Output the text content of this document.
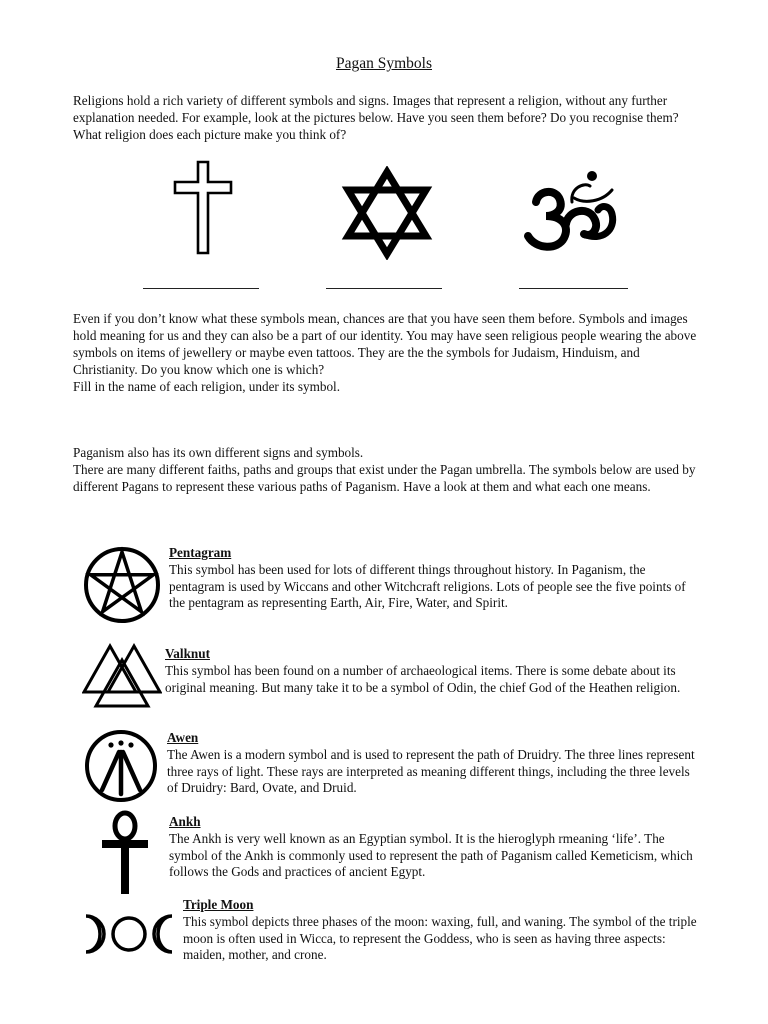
Pagan Symbols

Religions hold a rich variety of different symbols and signs. Images that represent a religion, without any further explanation needed. For example, look at the pictures below. Have you seen them before? Do you recognise them? What religion does each picture make you think of?

Even if you don’t know what these symbols mean, chances are that you have seen them before. Symbols and images hold meaning for us and they can also be a part of our identity. You may have seen religious people wearing the above symbols on items of jewellery or maybe even tattoos. They are the the symbols for Judaism, Hinduism, and Christianity. Do you know which one is which?

Fill in the name of each religion, under its symbol.

Paganism also has its own different signs and symbols.

There are many different faiths, paths and groups that exist under the Pagan umbrella. The symbols below are used by different Pagans to represent these various paths of Paganism. Have a look at them and what each one means.

Pentagram
This symbol has been used for lots of different things throughout history. In Paganism, the pentagram is used by Wiccans and other Witchcraft religions. Lots of people see the five points of the pentagram as representing Earth, Air, Fire, Water, and Spirit.
Valknut
This symbol has been found on a number of archaeological items. There is some debate about its original meaning. But many take it to be a symbol of Odin, the chief God of the Heathen religion.
Awen
The Awen is a modern symbol and is used to represent the path of Druidry. The three lines represent three rays of light. These rays are interpreted as meaning different things, including the three levels of Druidry: Bard, Ovate, and Druid.
Ankh
The Ankh is very well known as an Egyptian symbol. It is the hieroglyph rmeaning ‘life’. The symbol of the Ankh is commonly used to represent the path of Paganism called Kemeticism, which follows the Gods and practices of ancient Egypt.
Triple Moon
This symbol depicts three phases of the moon: waxing, full, and waning. The symbol of the triple moon is often used in Wicca, to represent the Goddess, who is seen as having three aspects: maiden, mother, and crone.
